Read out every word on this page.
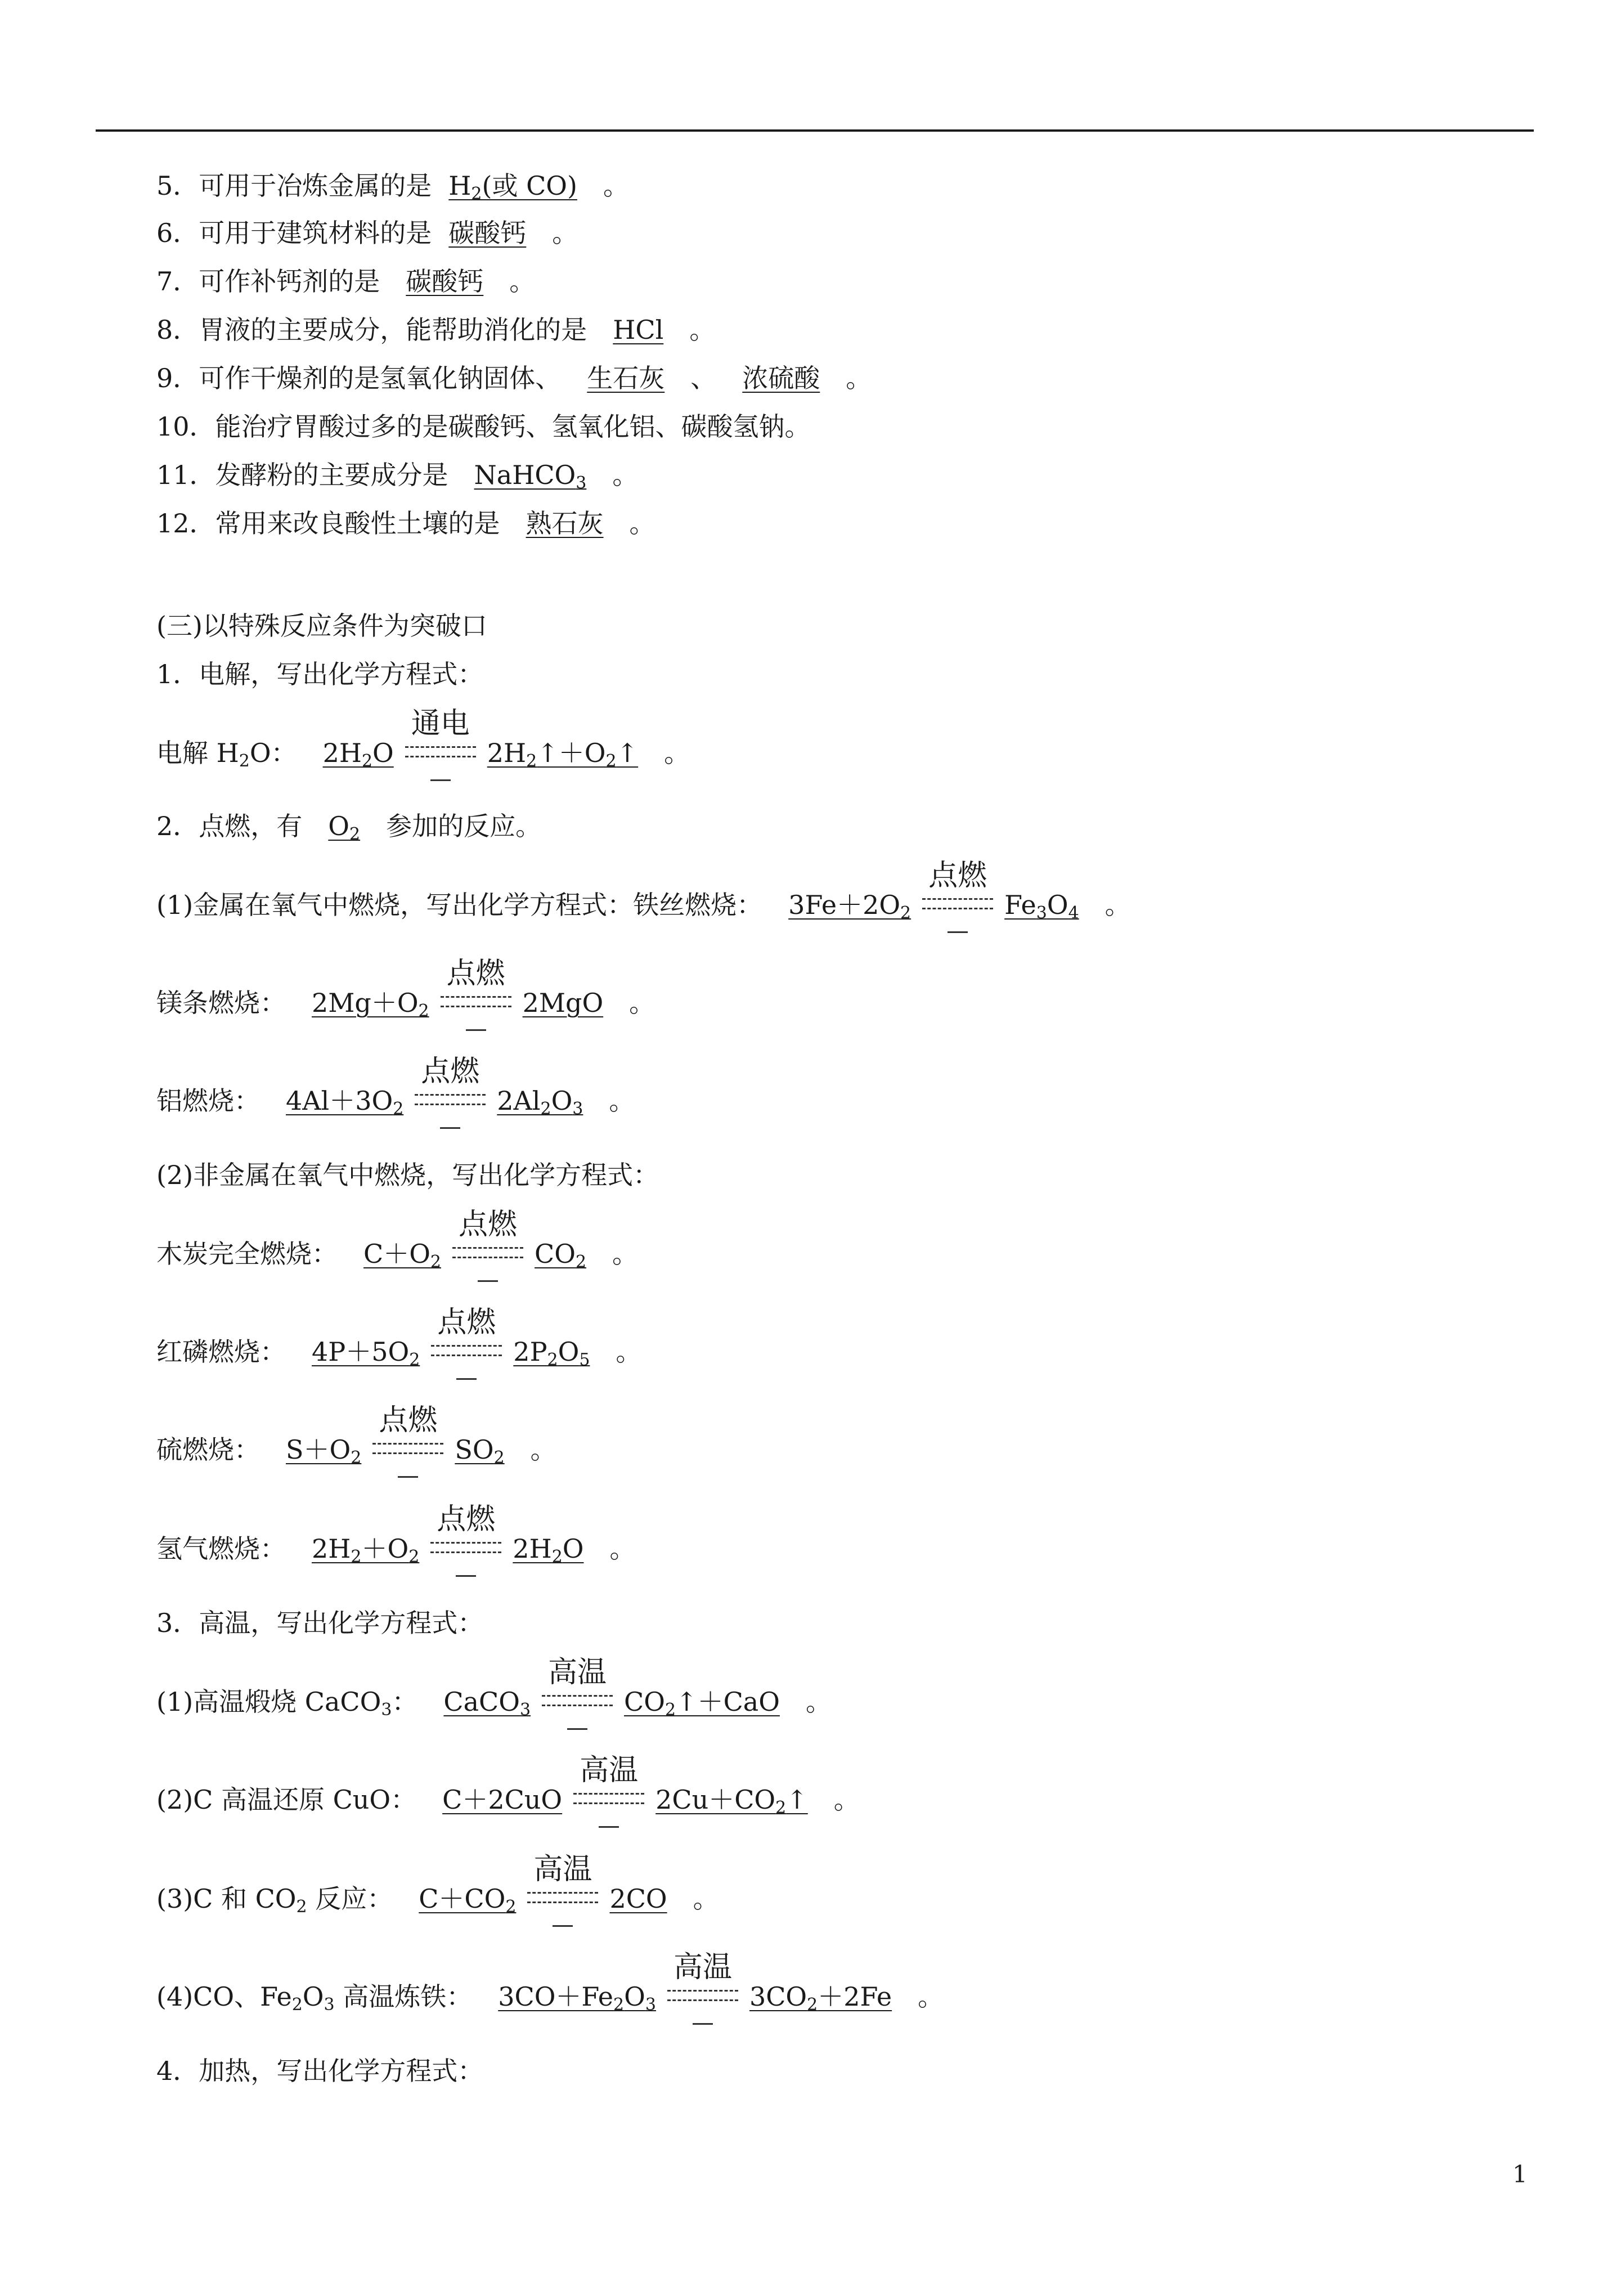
5．可用于冶炼金属的是 $H_2$(或 CO) 。
6．可用于建筑材料的是 碳酸钙 。
7．可作补钙剂的是 碳酸钙 。
8．胃液的主要成分，能帮助消化的是 HCl 。
9．可作干燥剂的是氢氧化钠固体、 生石灰 、 浓硫酸 。
10．能治疗胃酸过多的是碳酸钙、氢氧化铝、碳酸氢钠。
11．发酵粉的主要成分是 NaHCO$_3$ 。
12．常用来改良酸性土壤的是 熟石灰 。
(三)以特殊反应条件为突破口
1．电解，写出化学方程式：
电解 $H_2O$： $2H_2O$
通电
$2H_2↑+O_2↑$ 。
2．点燃，有 $O_2$ 参加的反应。
(1)金属在氧气中燃烧，写出化学方程式：铁丝燃烧： $3Fe+2O_2$
点燃
$Fe_3O_4$ 。
镁条燃烧： $2Mg+O_2$
点燃
2MgO 。
铝燃烧： $4Al+3O_2$
点燃
$2Al_2O_3$ 。
(2)非金属在氧气中燃烧，写出化学方程式：
木炭完全燃烧： $C+O_2$
点燃
$CO_2$ 。
红磷燃烧： $4P+5O_2$
点燃
$2P_2O_5$ 。
硫燃烧： $S+O_2$
点燃
$SO_2$ 。
氢气燃烧： $2H_2+O_2$
点燃
$2H_2O$ 。
3．高温，写出化学方程式：
(1)高温煅烧 CaCO$_3$： CaCO$_3$
高温
$CO_2↑+CaO$ 。
(2)C 高温还原 CuO： C＋2CuO
高温
$2Cu+CO_2↑$ 。
(3)C 和 $CO_2$ 反应： $C+CO_2$
高温
2CO 。
(4)CO、$Fe_2O_3$ 高温炼铁： $3CO+Fe_2O_3$
高温
$3CO_2+2Fe$ 。
4．加热，写出化学方程式：
1
